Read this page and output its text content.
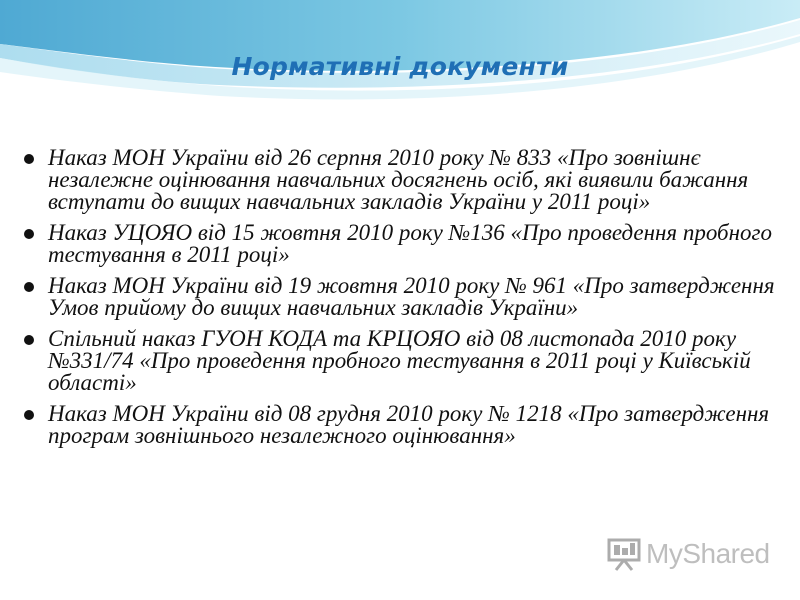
Нормативні документи
Наказ МОН України від 26 серпня 2010 року № 833 «Про зовнішнє незалежне оцінювання навчальних досягнень осіб, які виявили бажання вступати до вищих навчальних закладів України у 2011 році»
Наказ УЦОЯО від 15 жовтня 2010 року №136 «Про проведення пробного тестування в 2011 році»
Наказ МОН України від 19 жовтня 2010 року № 961 «Про затвердження Умов прийому до вищих навчальних закладів України»
Спільний наказ ГУОН КОДА та КРЦОЯО від 08 листопада 2010 року №331/74 «Про проведення пробного тестування в 2011 році у Київській області»
Наказ МОН України від 08 грудня 2010 року № 1218 «Про затвердження програм зовнішнього незалежного оцінювання»
MyShared
